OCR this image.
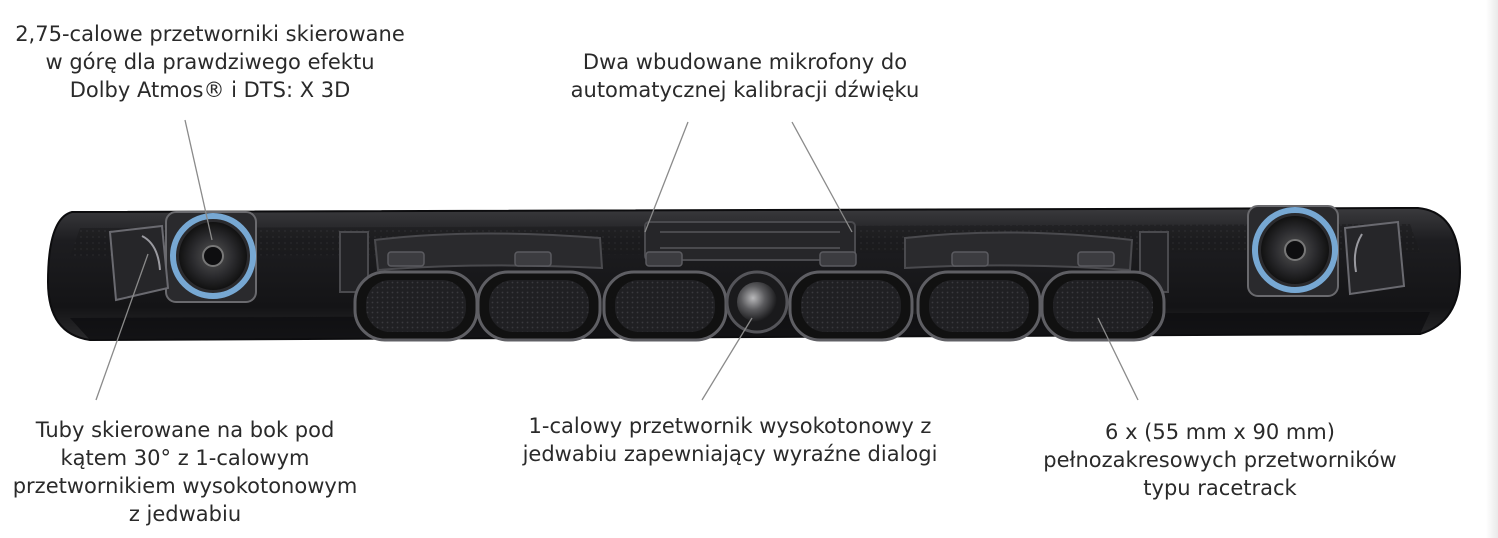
2,75-calowe przetworniki skierowane
w górę dla prawdziwego efektu
Dolby Atmos® i DTS: X 3D
Dwa wbudowane mikrofony do
automatycznej kalibracji dźwięku
Tuby skierowane na bok pod
kątem 30° z 1-calowym
przetwornikiem wysokotonowym
z jedwabiu
1-calowy przetwornik wysokotonowy z
jedwabiu zapewniający wyraźne dialogi
6 x (55 mm x 90 mm)
pełnozakresowych przetworników
typu racetrack
